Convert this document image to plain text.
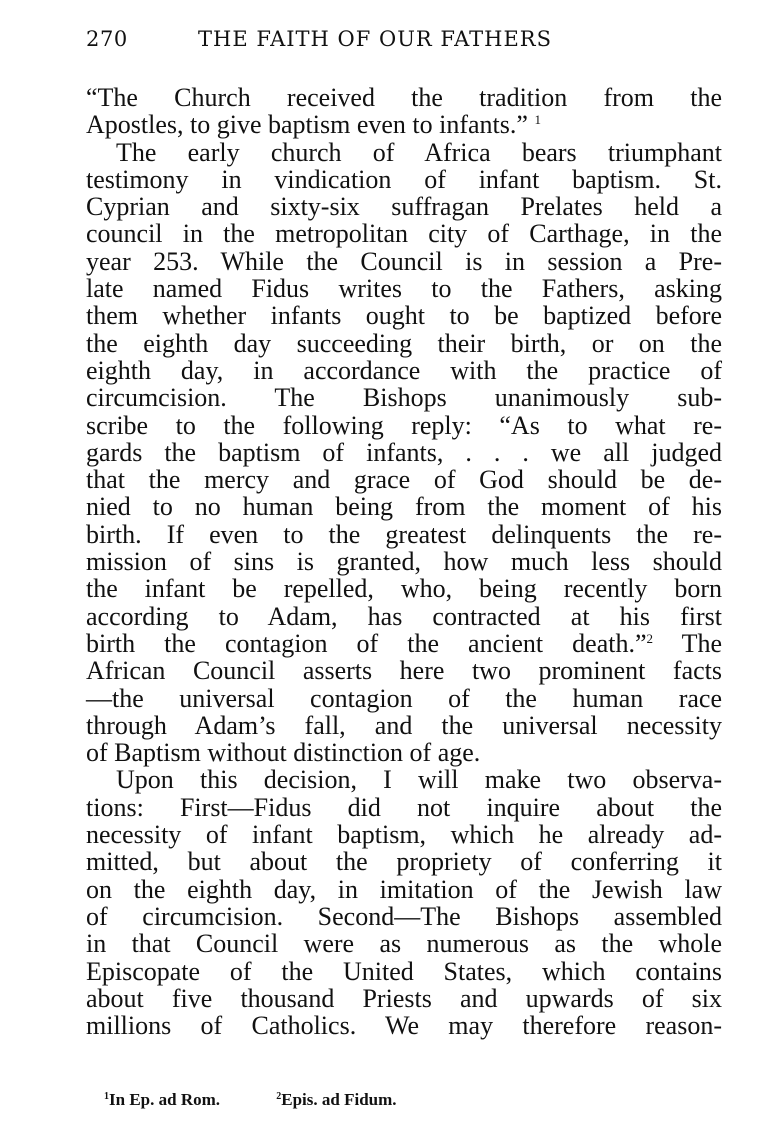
270	THE FAITH OF OUR FATHERS
“The Church received the tradition from the
Apostles, to give baptism even to infants.” $^1$
The early church of Africa bears triumphant
testimony in vindication of infant baptism. St.
Cyprian and sixty-six suffragan Prelates held a
council in the metropolitan city of Carthage, in the
year 253. While the Council is in session a Pre-
late named Fidus writes to the Fathers, asking
them whether infants ought to be baptized before
the eighth day succeeding their birth, or on the
eighth day, in accordance with the practice of
circumcision. The Bishops unanimously sub-
scribe to the following reply: “As to what re-
gards the baptism of infants, . . . we all judged
that the mercy and grace of God should be de-
nied to no human being from the moment of his
birth. If even to the greatest delinquents the re-
mission of sins is granted, how much less should
the infant be repelled, who, being recently born
according to Adam, has contracted at his first
birth the contagion of the ancient death.”$^2$ The
African Council asserts here two prominent facts
—the universal contagion of the human race
through Adam’s fall, and the universal necessity
of Baptism without distinction of age.
Upon this decision, I will make two observa-
tions: First—Fidus did not inquire about the
necessity of infant baptism, which he already ad-
mitted, but about the propriety of conferring it
on the eighth day, in imitation of the Jewish law
of circumcision. Second—The Bishops assembled
in that Council were as numerous as the whole
Episcopate of the United States, which contains
about five thousand Priests and upwards of six
millions of Catholics. We may therefore reason-
$^1$In Ep. ad Rom.	$^2$Epis. ad Fidum.
